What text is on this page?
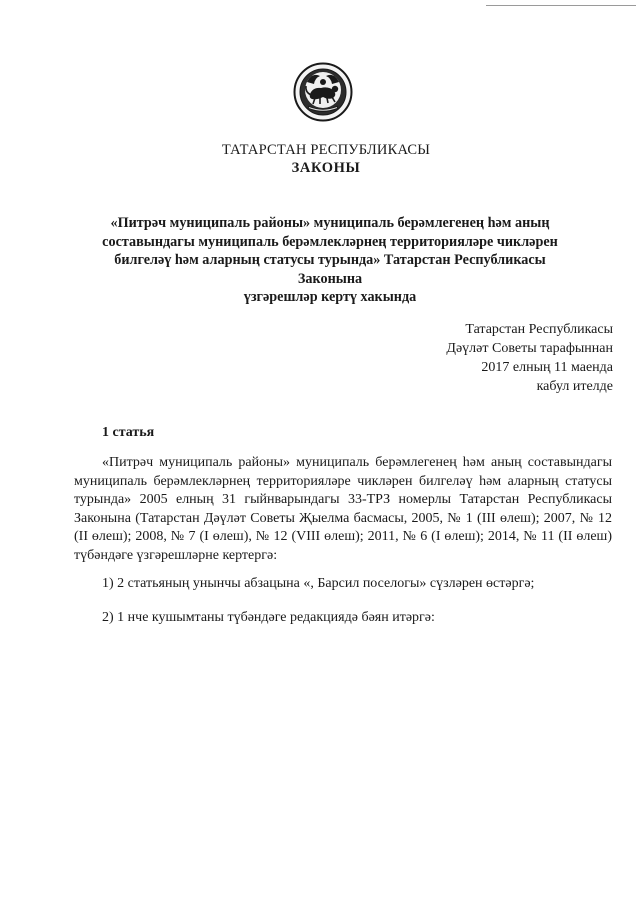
ТАТАРСТАН РЕСПУБЛИКАСЫ
ЗАКОНЫ
«Питрәч муниципаль районы» муниципаль берәмлегенең һәм аның
составындагы муниципаль берәмлекләрнең территорияләре чикләрен
билгеләү һәм аларның статусы турында» Татарстан Республикасы Законына
үзгәрешләр кертү хакында
Татарстан Республикасы
Дәүләт Советы тарафыннан
2017 елның 11 маенда
кабул ителде
1 статья
«Питрәч муниципаль районы» муниципаль берәмлегенең һәм аның составындагы муниципаль берәмлекләрнең территорияләре чикләрен билгеләү һәм аларның статусы турында» 2005 елның 31 гыйнварындагы 33-ТРЗ номерлы Татарстан Республикасы Законына (Татарстан Дәүләт Советы Җыелма басмасы, 2005, № 1 (III өлеш); 2007, № 12 (II өлеш); 2008, № 7 (I өлеш), № 12 (VIII өлеш); 2011, № 6 (I өлеш); 2014, № 11 (II өлеш) түбәндәге үзгәрешләрне кертергә:
1) 2 статьяның унынчы абзацына «, Барсил поселогы» сүзләрен өстәргә;
2) 1 нче кушымтаны түбәндәге редакциядә бәян итәргә:
